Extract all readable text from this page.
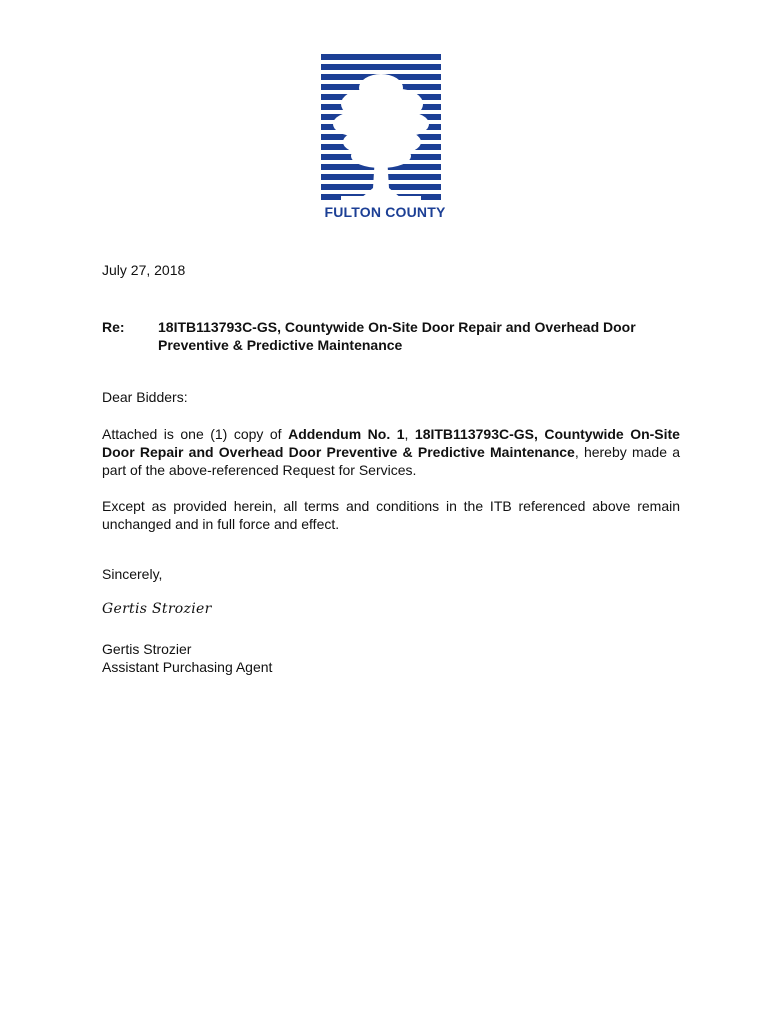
FULTON COUNTY
July 27, 2018
Re: 18ITB113793C-GS, Countywide On-Site Door Repair and Overhead Door Preventive & Predictive Maintenance
Dear Bidders:
Attached is one (1) copy of Addendum No. 1, 18ITB113793C-GS, Countywide On-Site Door Repair and Overhead Door Preventive & Predictive Maintenance, hereby made a part of the above-referenced Request for Services.
Except as provided herein, all terms and conditions in the ITB referenced above remain unchanged and in full force and effect.
Sincerely,
Gertis Strozier
Gertis Strozier
Assistant Purchasing Agent
